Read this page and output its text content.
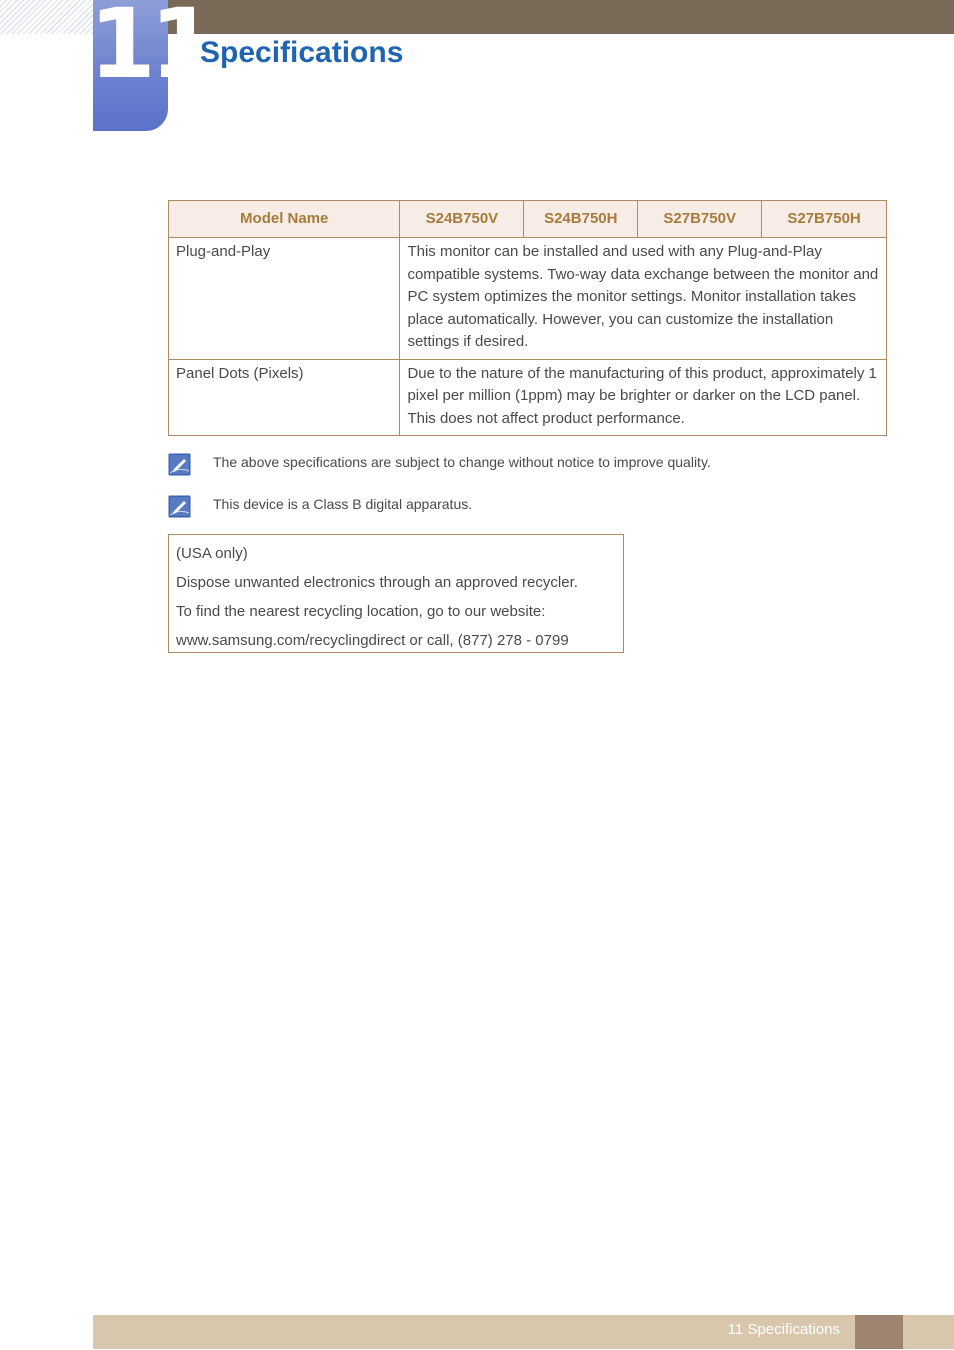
11
Specifications
Model Name	S24B750V	S24B750H	S27B750V	S27B750H
Plug-and-Play	This monitor can be installed and used with any Plug-and-Play compatible systems. Two-way data exchange between the monitor and PC system optimizes the monitor settings. Monitor installation takes place automatically. However, you can customize the installation settings if desired.			
Panel Dots (Pixels)	Due to the nature of the manufacturing of this product, approximately 1 pixel per million (1ppm) may be brighter or darker on the LCD panel. This does not affect product performance.			
The above specifications are subject to change without notice to improve quality.
This device is a Class B digital apparatus.

(USA only)

Dispose unwanted electronics through an approved recycler.

To find the nearest recycling location, go to our website:

www.samsung.com/recyclingdirect or call, (877) 278 - 0799

11 Specifications
